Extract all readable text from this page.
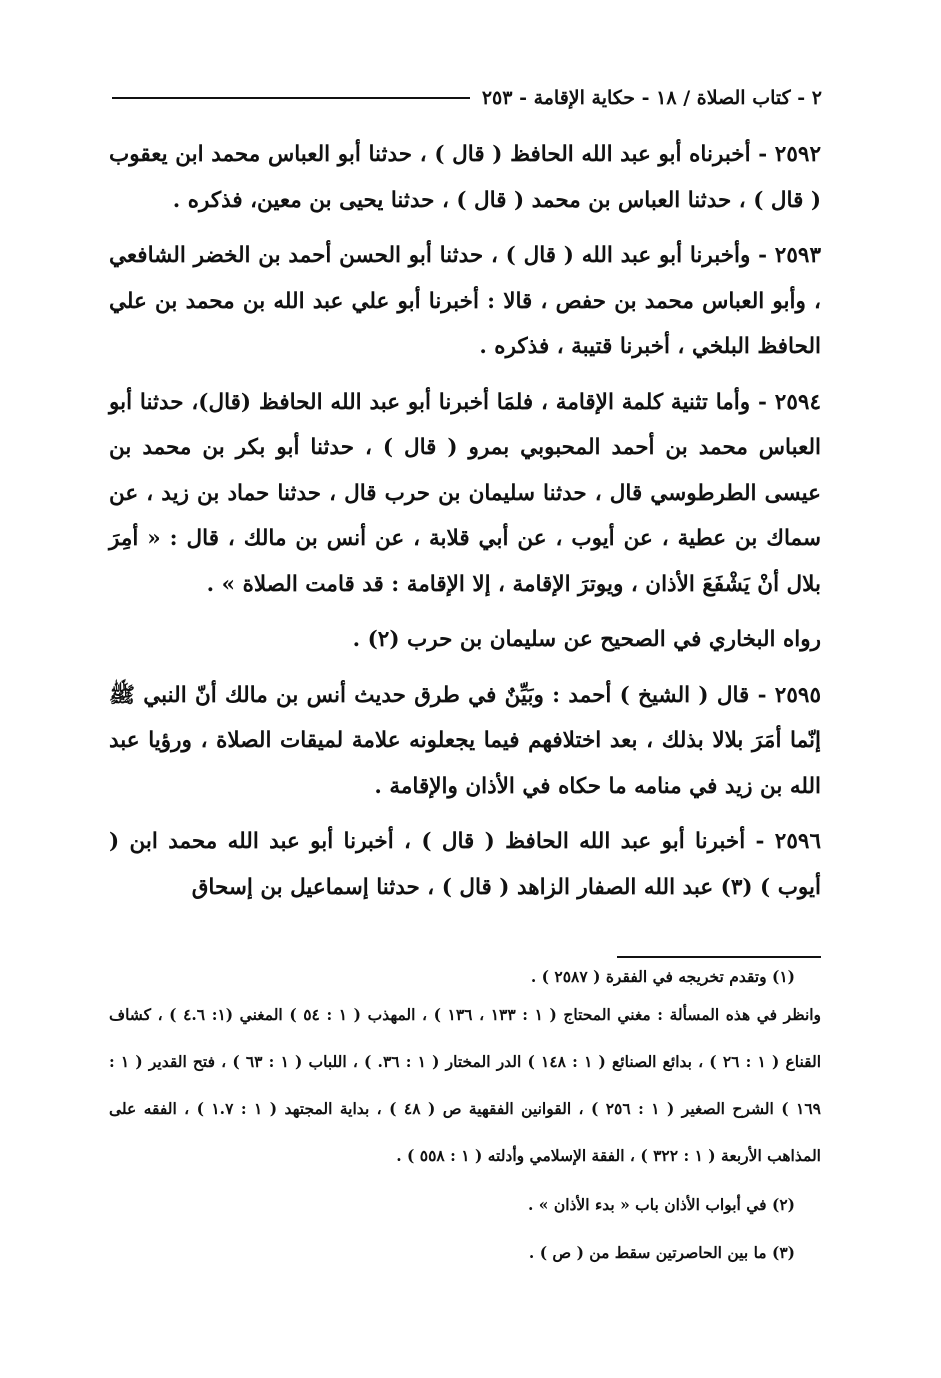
٢ - كتاب الصلاة / ١٨ - حكاية الإقامة - ٢٥٣

٢٥٩٢ - أخبرناه أبو عبد الله الحافظ ( قال ) ، حدثنا أبو العباس محمد ابن يعقوب ( قال ) ، حدثنا العباس بن محمد ( قال ) ، حدثنا يحيى بن معين، فذكره .

٢٥٩٣ - وأخبرنا أبو عبد الله ( قال ) ، حدثنا أبو الحسن أحمد بن الخضر الشافعي ، وأبو العباس محمد بن حفص ، قالا : أخبرنا أبو علي عبد الله بن محمد بن علي الحافظ البلخي ، أخبرنا قتيبة ، فذكره .

٢٥٩٤ - وأما تثنية كلمة الإقامة ، فلمَا أخبرنا أبو عبد الله الحافظ (قال)، حدثنا أبو العباس محمد بن أحمد المحبوبي بمرو ( قال ) ، حدثنا أبو بكر بن محمد بن عيسى الطرطوسي قال ، حدثنا سليمان بن حرب قال ، حدثنا حماد بن زيد ، عن سماك بن عطية ، عن أيوب ، عن أبي قلابة ، عن أنس بن مالك ، قال : « أمِرَ بلال أنْ يَشْفَعَ الأذان ، ويوترَ الإقامة ، إلا الإقامة : قد قامت الصلاة » .

رواه البخاري في الصحيح عن سليمان بن حرب (٢) .

٢٥٩٥ - قال ( الشيخ ) أحمد : وبَيِّنٌ في طرق حديث أنس بن مالك أنّ النبي ﷺ إنّما أمَرَ بلالا بذلك ، بعد اختلافهم فيما يجعلونه علامة لميقات الصلاة ، ورؤيا عبد الله بن زيد في منامه ما حكاه في الأذان والإقامة .

٢٥٩٦ - أخبرنا أبو عبد الله الحافظ ( قال ) ، أخبرنا أبو عبد الله محمد ابن ( أيوب ) (٣) عبد الله الصفار الزاهد ( قال ) ، حدثنا إسماعيل بن إسحاق

(١) وتقدم تخريجه في الفقرة ( ٢٥٨٧ ) .

وانظر في هذه المسألة : مغني المحتاج ( ١ : ١٣٣ ، ١٣٦ ) ، المهذب ( ١ : ٥٤ ) المغني (١: ٤.٦ ) ، كشاف القناع ( ١ : ٢٦ ) ، بدائع الصنائع ( ١ : ١٤٨ ) الدر المختار ( ١ : ٣٦. ) ، اللباب ( ١ : ٦٣ ) ، فتح القدير ( ١ : ١٦٩ ) الشرح الصغير ( ١ : ٢٥٦ ) ، القوانين الفقهية ص ( ٤٨ ) ، بداية المجتهد ( ١ : ١.٧ ) ، الفقه على المذاهب الأربعة ( ١ : ٣٢٢ ) ، الفقة الإسلامي وأدلته ( ١ : ٥٥٨ ) .

(٢) في أبواب الأذان باب « بدء الأذان » .

(٣) ما بين الحاصرتين سقط من ( ص ) .
